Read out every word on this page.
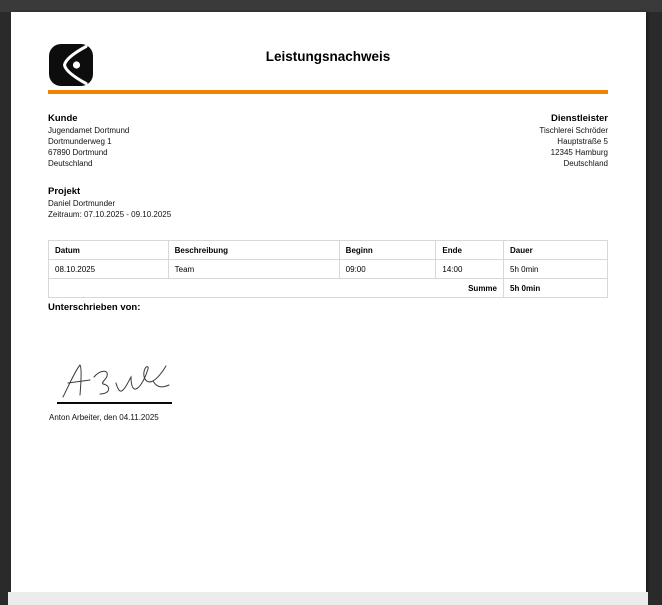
Leistungsnachweis
Kunde
Jugendamet Dortmund
Dortmunderweg 1
67890 Dortmund
Deutschland
Dienstleister
Tischlerei Schröder
Hauptstraße 5
12345 Hamburg
Deutschland
Projekt
Daniel Dortmunder
Zeitraum: 07.10.2025 - 09.10.2025
Datum	Beschreibung	Beginn	Ende	Dauer
08.10.2025	Team	09:00	14:00	5h 0min
Summe				5h 0min
Unterschrieben von:
Anton Arbeiter, den 04.11.2025
